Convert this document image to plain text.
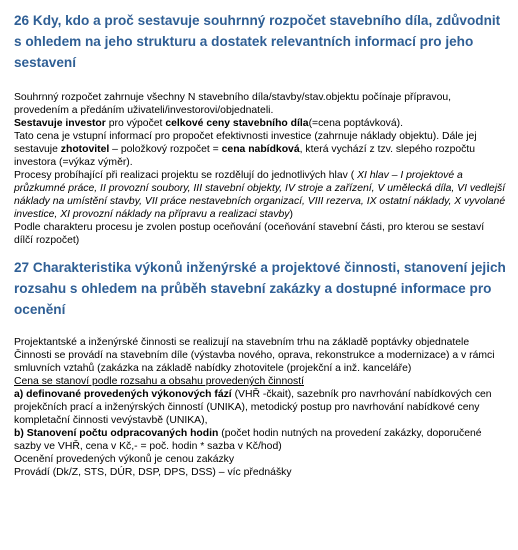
26 Kdy, kdo a proč sestavuje souhrnný rozpočet stavebního díla, zdůvodnit s ohledem na jeho strukturu a dostatek relevantních informací pro jeho sestavení
Souhrnný rozpočet zahrnuje všechny N stavebního díla/stavby/stav.objektu počínaje přípravou, provedením a předáním uživateli/investorovi/objednateli.
Sestavuje investor pro výpočet celkové ceny stavebního díla(=cena poptávková).
Tato cena je vstupní informací pro propočet efektivnosti investice (zahrnuje náklady objektu). Dále jej sestavuje zhotovitel – položkový rozpočet = cena nabídková, která vychází z tzv. slepého rozpočtu investora (=výkaz výměr).
Procesy probíhající při realizaci projektu se rozdělují do jednotlivých hlav ( XI hlav – I projektové a průzkumné práce, II provozní soubory, III stavební objekty, IV stroje a zařízení, V umělecká díla, VI vedlejší náklady na umístění stavby, VII práce nestavebních organizací, VIII rezerva, IX ostatní náklady, X vyvolané investice, XI provozní náklady na přípravu a realizaci stavby)
Podle charakteru procesu je zvolen postup oceňování (oceňování stavební části, pro kterou se sestaví dílčí rozpočet)
27 Charakteristika výkonů inženýrské a projektové činnosti, stanovení jejich rozsahu s ohledem na průběh stavební zakázky a dostupné informace pro ocenění
Projektantské a inženýrské činnosti se realizují na stavebním trhu na základě poptávky objednatele
Činnosti se provádí na stavebním díle (výstavba nového, oprava, rekonstrukce a modernizace) a v rámci smluvních vztahů (zakázka na základě nabídky zhotovitele (projekční a inž. kanceláře)
Cena se stanoví podle rozsahu a obsahu provedených činností
a) definované provedených výkonových fází (VHŘ -čkait), sazebník pro navrhování nabídkových cen projekčních prací a inženýrských činností (UNIKA), metodický postup pro navrhování nabídkové ceny kompletační činnosti vevýstavbě (UNIKA),
b) Stanovení počtu odpracovaných hodin (počet hodin nutných na provedení zakázky, doporučené sazby ve VHŘ, cena v Kč,- = poč. hodin * sazba v Kč/hod)
Ocenění provedených výkonů je cenou zakázky
Provádí (Dk/Z, STS, DÚR, DSP, DPS, DSS) – víc přednášky
